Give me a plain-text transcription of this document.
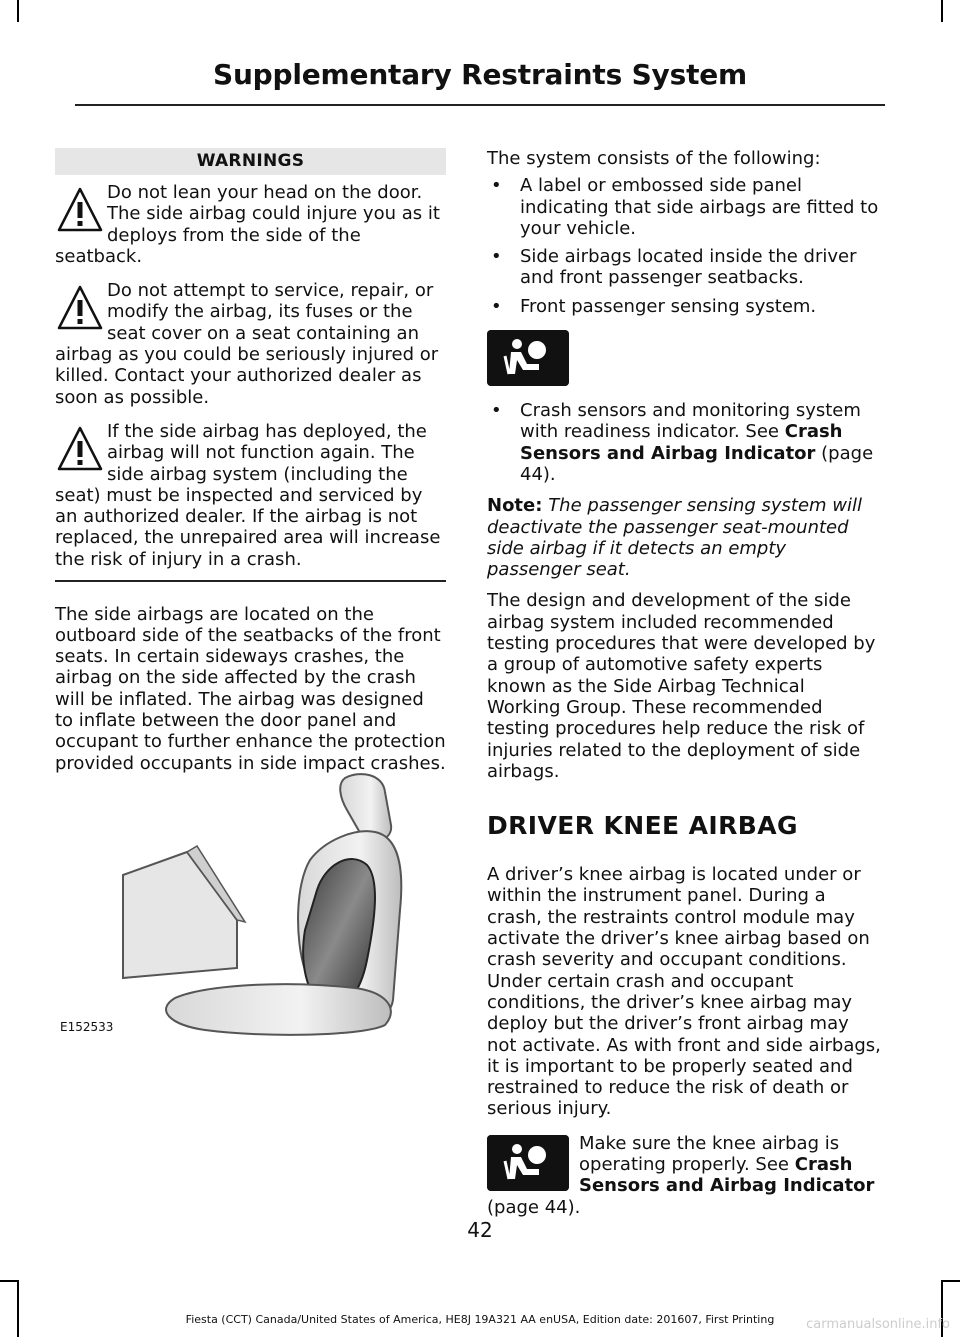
Supplementary Restraints System
WARNINGS

Do not lean your head on the door. The side airbag could injure you as it deploys from the side of the seatback.

Do not attempt to service, repair, or modify the airbag, its fuses or the seat cover on a seat containing an airbag as you could be seriously injured or killed. Contact your authorized dealer as soon as possible.

If the side airbag has deployed, the airbag will not function again. The side airbag system (including the seat) must be inspected and serviced by an authorized dealer. If the airbag is not replaced, the unrepaired area will increase the risk of injury in a crash.

The side airbags are located on the outboard side of the seatbacks of the front seats. In certain sideways crashes, the airbag on the side affected by the crash will be inflated. The airbag was designed to inflate between the door panel and occupant to further enhance the protection provided occupants in side impact crashes.

E152533

The system consists of the following:

• A label or embossed side panel indicating that side airbags are fitted to your vehicle.
• Side airbags located inside the driver and front passenger seatbacks.
• Front passenger sensing system.
• Crash sensors and monitoring system with readiness indicator. See Crash Sensors and Airbag Indicator (page 44).

Note: The passenger sensing system will deactivate the passenger seat-mounted side airbag if it detects an empty passenger seat.

The design and development of the side airbag system included recommended testing procedures that were developed by a group of automotive safety experts known as the Side Airbag Technical Working Group. These recommended testing procedures help reduce the risk of injuries related to the deployment of side airbags.

DRIVER KNEE AIRBAG

A driver’s knee airbag is located under or within the instrument panel. During a crash, the restraints control module may activate the driver’s knee airbag based on crash severity and occupant conditions. Under certain crash and occupant conditions, the driver’s knee airbag may deploy but the driver’s front airbag may not activate. As with front and side airbags, it is important to be properly seated and restrained to reduce the risk of death or serious injury.

Make sure the knee airbag is operating properly. See Crash Sensors and Airbag Indicator (page 44).

42
Fiesta (CCT) Canada/United States of America, HE8J 19A321 AA enUSA, Edition date: 201607, First Printing	carmanualsonline.info
